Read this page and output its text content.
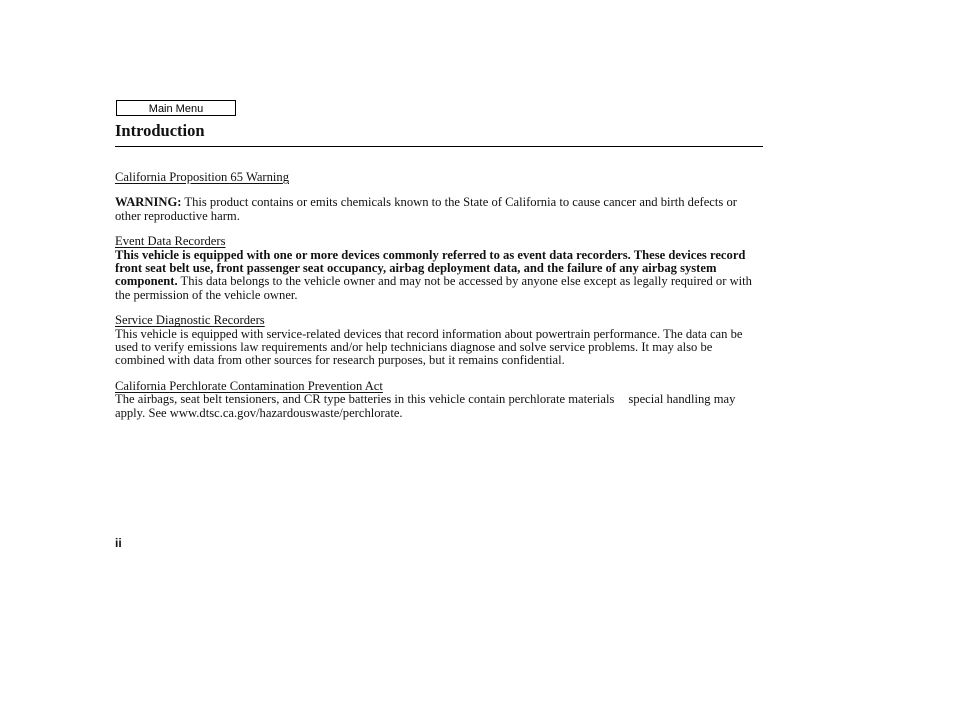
Main Menu
Introduction
California Proposition 65 Warning

WARNING: This product contains or emits chemicals known to the State of California to cause cancer and birth defects or other reproductive harm.

Event Data Recorders

This vehicle is equipped with one or more devices commonly referred to as event data recorders. These devices record front seat belt use, front passenger seat occupancy, airbag deployment data, and the failure of any airbag system component. This data belongs to the vehicle owner and may not be accessed by anyone else except as legally required or with the permission of the vehicle owner.

Service Diagnostic Recorders

This vehicle is equipped with service-related devices that record information about powertrain performance. The data can be used to verify emissions law requirements and/or help technicians diagnose and solve service problems. It may also be combined with data from other sources for research purposes, but it remains confidential.

California Perchlorate Contamination Prevention Act

The airbags, seat belt tensioners, and CR type batteries in this vehicle contain perchlorate materials special handling may apply. See www.dtsc.ca.gov/hazardouswaste/perchlorate.

ii
